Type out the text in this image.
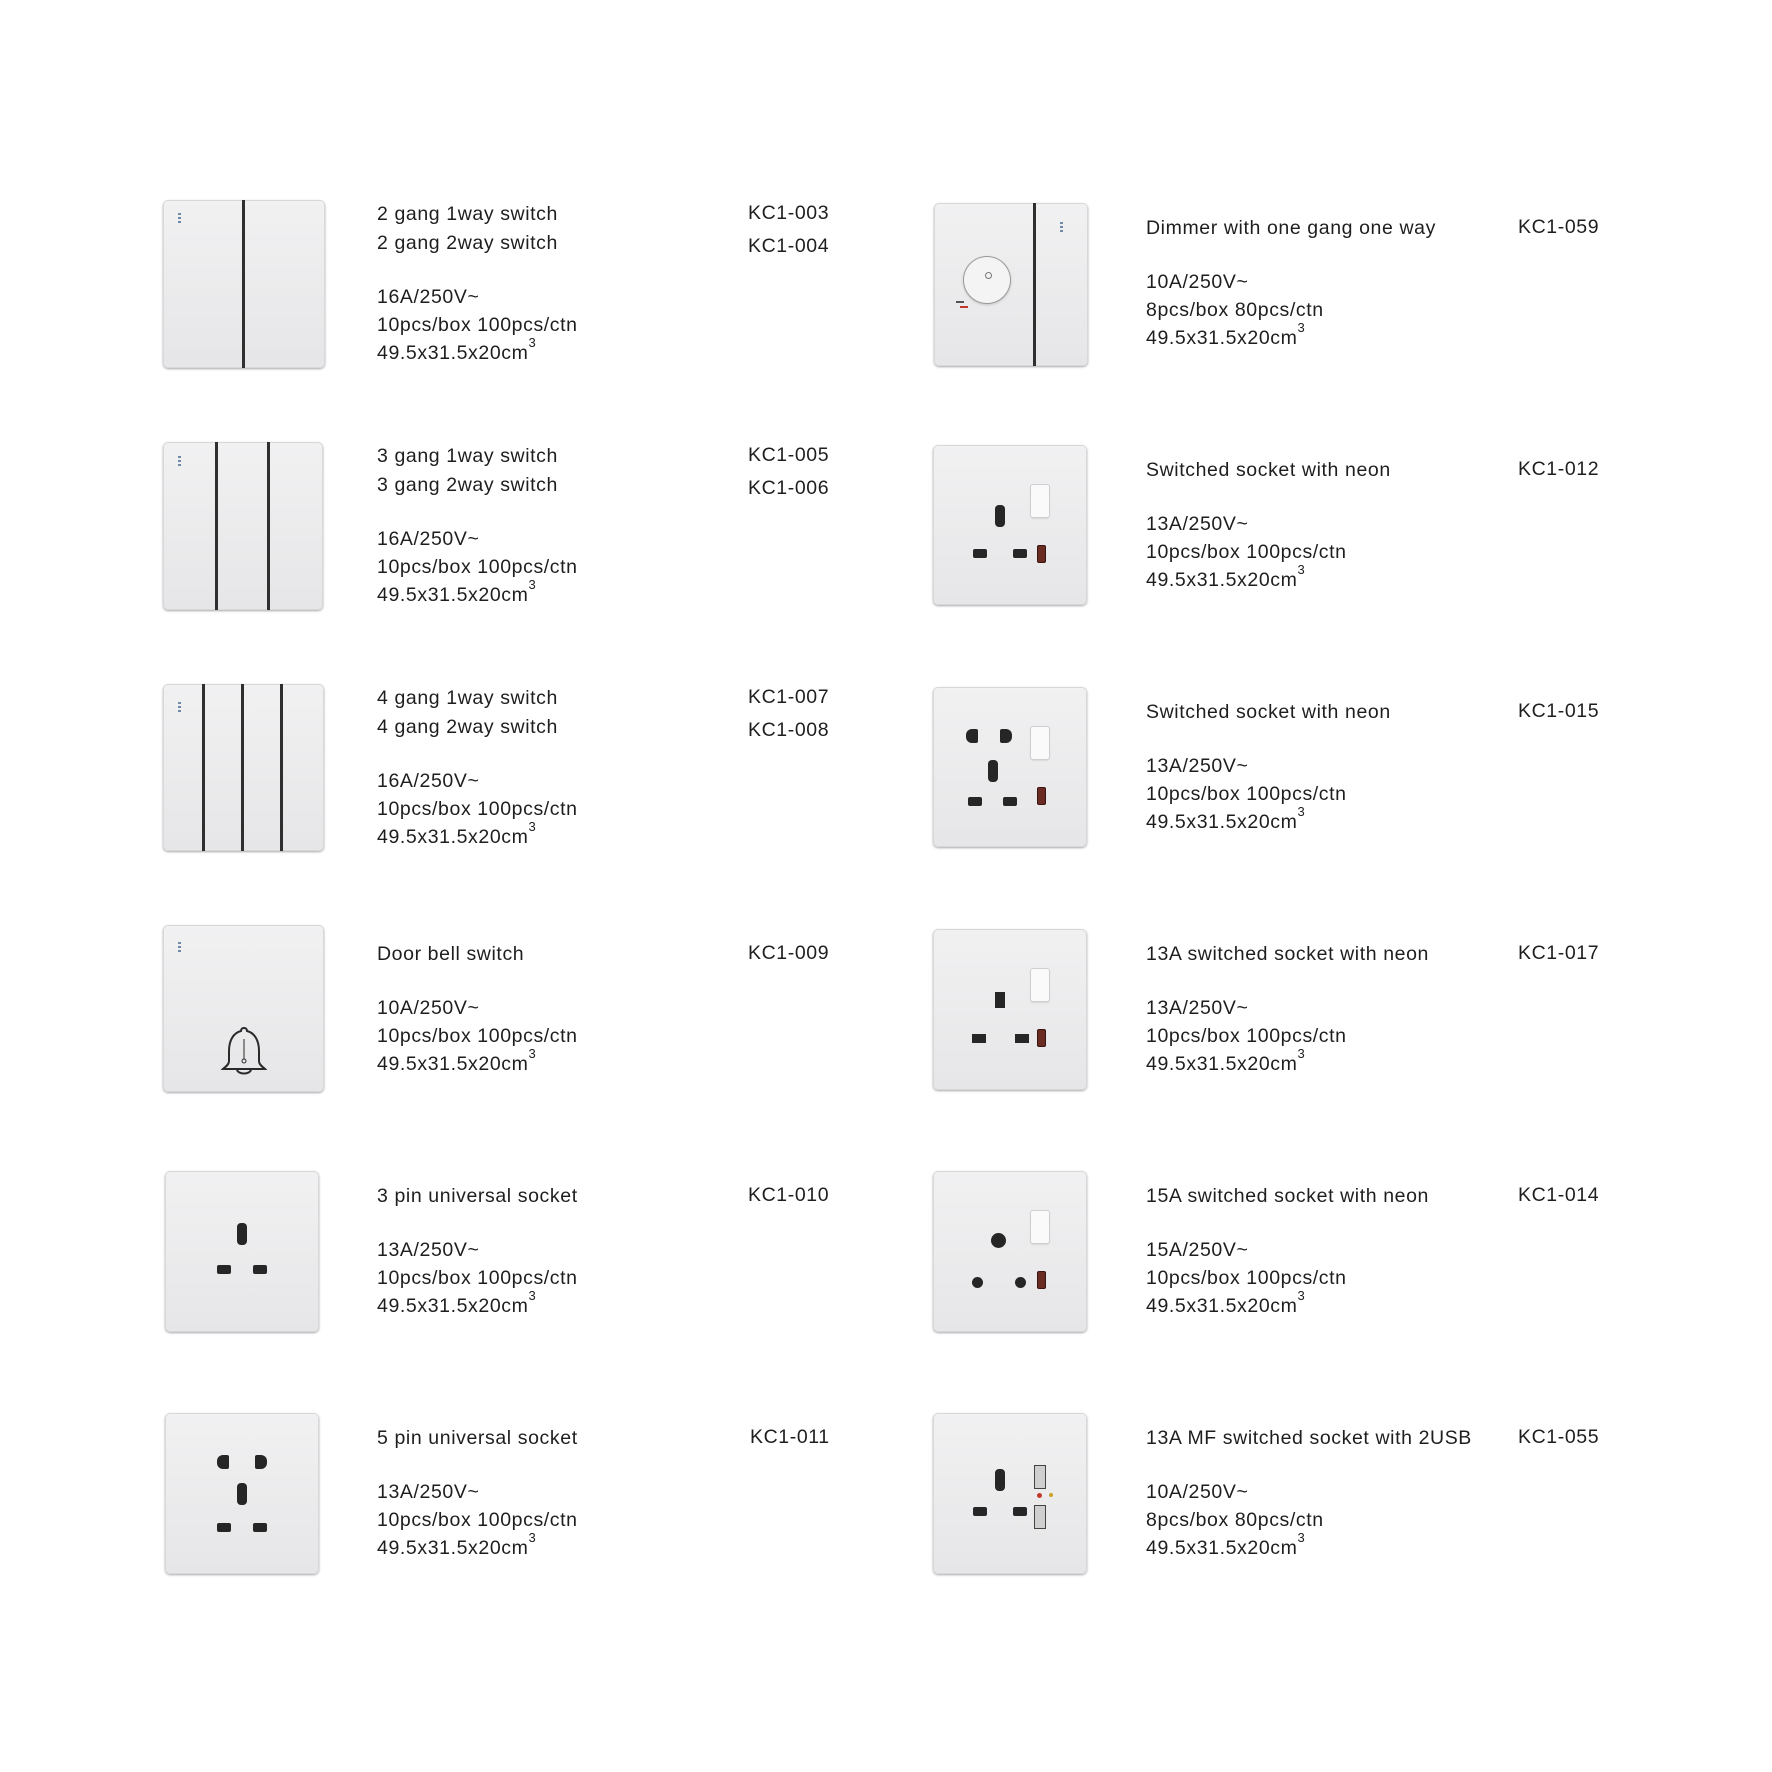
2 gang 1way switch
2 gang 2way switch
16A/250V~
10pcs/box 100pcs/ctn
$49.5x31.5x20cm^3$
KC1-003
KC1-004
Dimmer with one gang one way
10A/250V~
8pcs/box 80pcs/ctn
$49.5x31.5x20cm^3$
KC1-059
3 gang 1way switch
3 gang 2way switch
16A/250V~
10pcs/box 100pcs/ctn
$49.5x31.5x20cm^3$
KC1-005
KC1-006
Switched socket with neon
13A/250V~
10pcs/box 100pcs/ctn
$49.5x31.5x20cm^3$
KC1-012
4 gang 1way switch
4 gang 2way switch
16A/250V~
10pcs/box 100pcs/ctn
$49.5x31.5x20cm^3$
KC1-007
KC1-008
Switched socket with neon
13A/250V~
10pcs/box 100pcs/ctn
$49.5x31.5x20cm^3$
KC1-015
Door bell switch
10A/250V~
10pcs/box 100pcs/ctn
$49.5x31.5x20cm^3$
KC1-009	13A switched socket with neon
13A/250V~
10pcs/box 100pcs/ctn
$49.5x31.5x20cm^3$
KC1-017
3 pin universal socket
13A/250V~
10pcs/box 100pcs/ctn
$49.5x31.5x20cm^3$
KC1-010	15A switched socket with neon
15A/250V~
10pcs/box 100pcs/ctn
$49.5x31.5x20cm^3$
KC1-014
5 pin universal socket
13A/250V~
10pcs/box 100pcs/ctn
$49.5x31.5x20cm^3$
KC1-011	13A MF switched socket with 2USB
10A/250V~
8pcs/box 80pcs/ctn
$49.5x31.5x20cm^3$
KC1-055
